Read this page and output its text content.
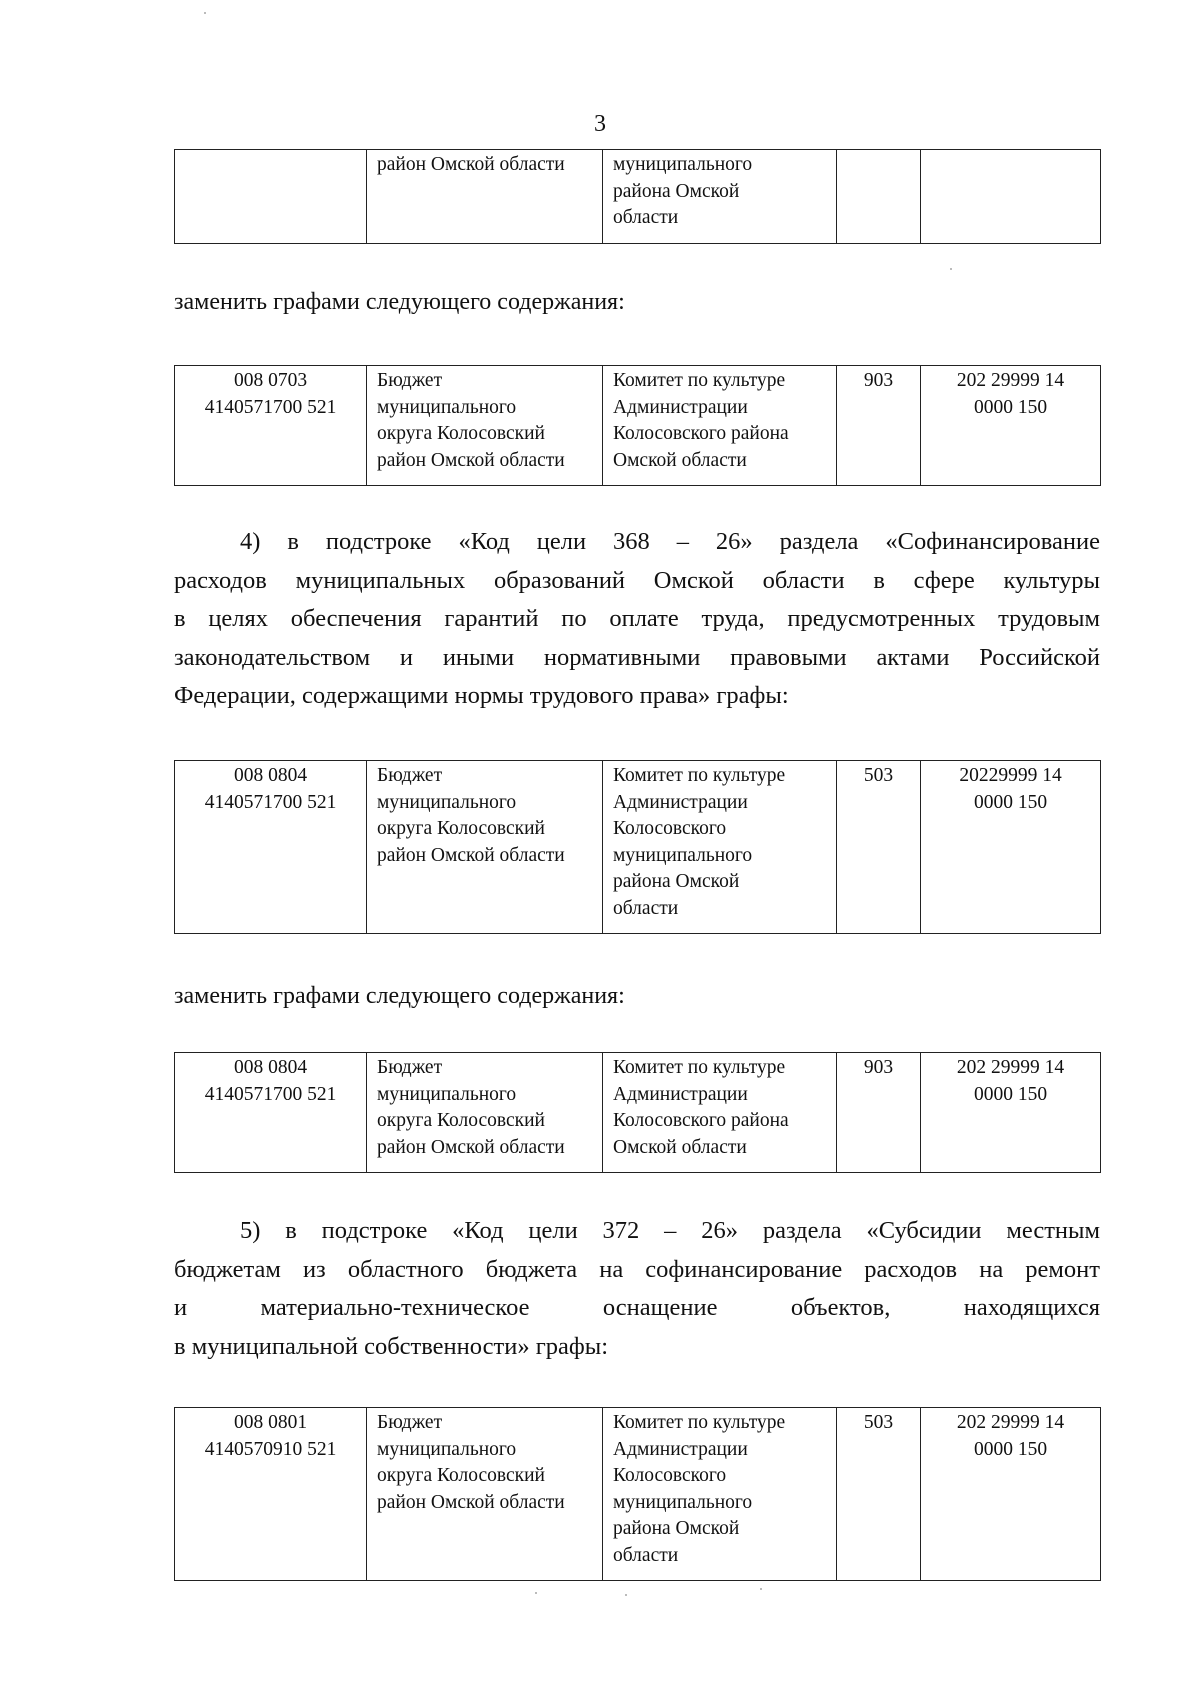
3

район Омской области	муниципального
района Омской
области

заменить графами следующего содержания:
008 0703
4140571700 521

Бюджет
муниципального
округа Колосовский
район Омской области

Комитет по культуре
Администрации
Колосовского района
Омской области

903	202 29999 14
0000 150
4) в подстроке «Код цели 368 – 26» раздела «Софинансирование
расходов муниципальных образований Омской области в сфере культуры
в целях обеспечения гарантий по оплате труда, предусмотренных трудовым
законодательством и иными нормативными правовыми актами Российской
Федерации, содержащими нормы трудового права» графы:
008 0804
4140571700 521

Бюджет
муниципального
округа Колосовский
район Омской области

Комитет по культуре
Администрации
Колосовского
муниципального
района Омской
области

503	20229999 14
0000 150
заменить графами следующего содержания:
008 0804
4140571700 521

Бюджет
муниципального
округа Колосовский
район Омской области

Комитет по культуре
Администрации
Колосовского района
Омской области

903	202 29999 14
0000 150
5) в подстроке «Код цели 372 – 26» раздела «Субсидии местным
бюджетам из областного бюджета на софинансирование расходов на ремонт
и материально-техническое оснащение объектов, находящихся
в муниципальной собственности» графы:
008 0801
4140570910 521

Бюджет
муниципального
округа Колосовский
район Омской области

Комитет по культуре
Администрации
Колосовского
муниципального
района Омской
области

503	202 29999 14
0000 150
